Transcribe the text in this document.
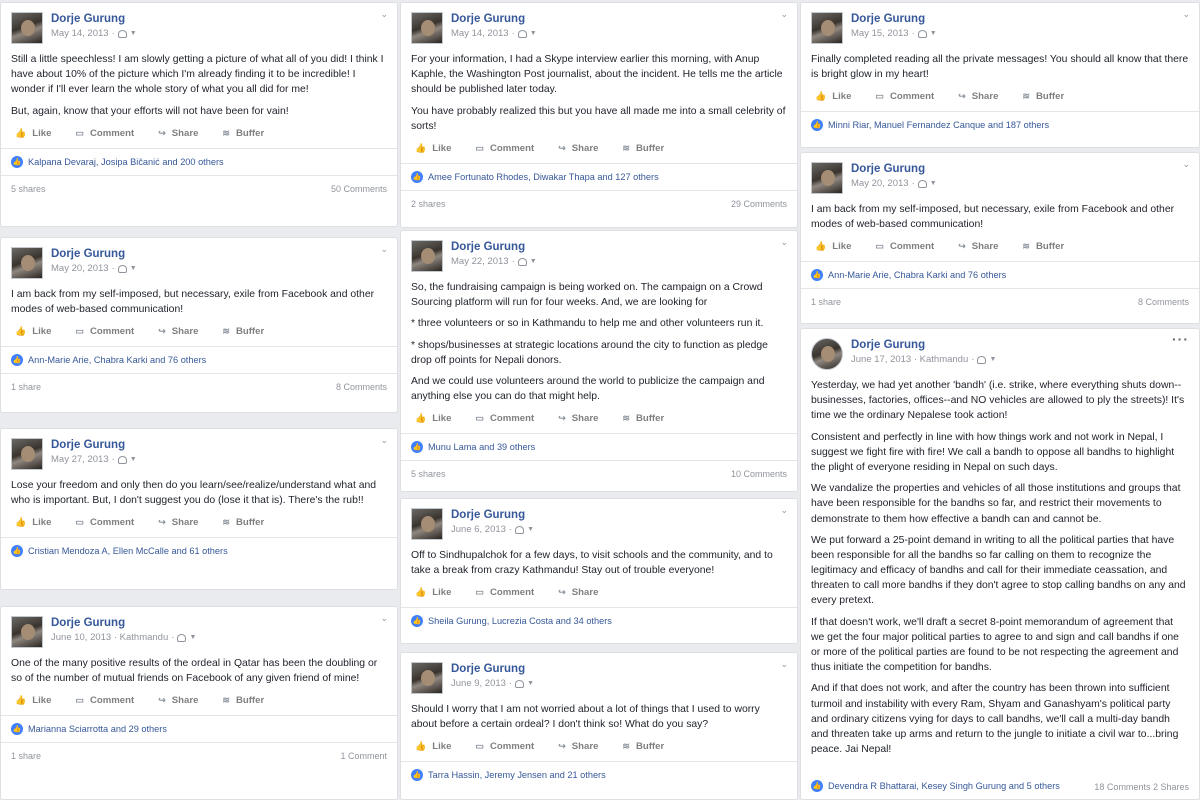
Dorje Gurung
May 14, 2013 · ▼
⌄

Still a little speechless! I am slowly getting a picture of what all of you did! I think I have about 10% of the picture which I'm already finding it to be incredible! I wonder if I'll ever learn the whole story of what you all did for me!

But, again, know that your efforts will not have been for vain!

👍 Like	▭ Comment	↪ Share	≋ Buffer
👍 Kalpana Devaraj, Josipa Bičanić and 200 others
5 shares	50 Comments
Dorje Gurung
May 20, 2013 · ▼
⌄

I am back from my self-imposed, but necessary, exile from Facebook and other modes of web-based communication!

👍 Like	▭ Comment	↪ Share	≋ Buffer
👍 Ann-Marie Arie, Chabra Karki and 76 others
1 share	8 Comments
Dorje Gurung
May 27, 2013 · ▼
⌄

Lose your freedom and only then do you learn/see/realize/understand what and who is important. But, I don't suggest you do (lose it that is). There's the rub!!

👍 Like	▭ Comment	↪ Share	≋ Buffer
👍 Cristian Mendoza A, Ellen McCalle and 61 others
Dorje Gurung
June 10, 2013 · Kathmandu · ▼
⌄

One of the many positive results of the ordeal in Qatar has been the doubling or so of the number of mutual friends on Facebook of any given friend of mine!

👍 Like	▭ Comment	↪ Share	≋ Buffer
👍 Marianna Sciarrotta and 29 others
1 share	1 Comment
Dorje Gurung
May 14, 2013 · ▼
⌄

For your information, I had a Skype interview earlier this morning, with Anup Kaphle, the Washington Post journalist, about the incident. He tells me the article should be published later today.

You have probably realized this but you have all made me into a small celebrity of sorts!

👍 Like	▭ Comment	↪ Share	≋ Buffer
👍 Amee Fortunato Rhodes, Diwakar Thapa and 127 others
2 shares	29 Comments
Dorje Gurung
May 22, 2013 · ▼
⌄

So, the fundraising campaign is being worked on. The campaign on a Crowd Sourcing platform will run for four weeks. And, we are looking for

* three volunteers or so in Kathmandu to help me and other volunteers run it.

* shops/businesses at strategic locations around the city to function as pledge drop off points for Nepali donors.

And we could use volunteers around the world to publicize the campaign and anything else you can do that might help.

👍 Like	▭ Comment	↪ Share	≋ Buffer
👍 Munu Lama and 39 others
5 shares	10 Comments
Dorje Gurung
June 6, 2013 · ▼
⌄

Off to Sindhupalchok for a few days, to visit schools and the community, and to take a break from crazy Kathmandu! Stay out of trouble everyone!

👍 Like	▭ Comment	↪ Share
👍 Sheila Gurung, Lucrezia Costa and 34 others
Dorje Gurung
June 9, 2013 · ▼
⌄

Should I worry that I am not worried about a lot of things that I used to worry about before a certain ordeal? I don't think so! What do you say?

👍 Like	▭ Comment	↪ Share	≋ Buffer
👍 Tarra Hassin, Jeremy Jensen and 21 others
Dorje Gurung
May 15, 2013 · ▼
⌄

Finally completed reading all the private messages! You should all know that there is bright glow in my heart!

👍 Like	▭ Comment	↪ Share	≋ Buffer
👍 Minni Riar, Manuel Fernandez Canque and 187 others
Dorje Gurung
May 20, 2013 · ▼
⌄

I am back from my self-imposed, but necessary, exile from Facebook and other modes of web-based communication!

👍 Like	▭ Comment	↪ Share	≋ Buffer
👍 Ann-Marie Arie, Chabra Karki and 76 others
1 share	8 Comments
Dorje Gurung
June 17, 2013 · Kathmandu · ▼
···

Yesterday, we had yet another 'bandh' (i.e. strike, where everything shuts down--businesses, factories, offices--and NO vehicles are allowed to ply the streets)! It's time we the ordinary Nepalese took action!

Consistent and perfectly in line with how things work and not work in Nepal, I suggest we fight fire with fire! We call a bandh to oppose all bandhs to highlight the plight of everyone residing in Nepal on such days.

We vandalize the properties and vehicles of all those institutions and groups that have been responsible for the bandhs so far, and restrict their movements to demonstrate to them how effective a bandh can and cannot be.

We put forward a 25-point demand in writing to all the political parties that have been responsible for all the bandhs so far calling on them to recognize the legitimacy and efficacy of bandhs and call for their immediate ceassation, and threaten to call more bandhs if they don't agree to stop calling bandhs on any and every pretext.

If that doesn't work, we'll draft a secret 8-point memorandum of agreement that we get the four major political parties to agree to and sign and call bandhs if one or more of the political parties are found to be not respecting the agreement and thus initiate the competition for bandhs.

And if that does not work, and after the country has been thrown into sufficient turmoil and instability with every Ram, Shyam and Ganashyam's political party and ordinary citizens vying for days to call bandhs, we'll call a multi-day bandh and threaten take up arms and return to the jungle to initiate a civil war to...bring peace. Jai Nepal!

👍 Devendra R Bhattarai, Kesey Singh Gurung and 5 others	18 Comments 2 Shares
